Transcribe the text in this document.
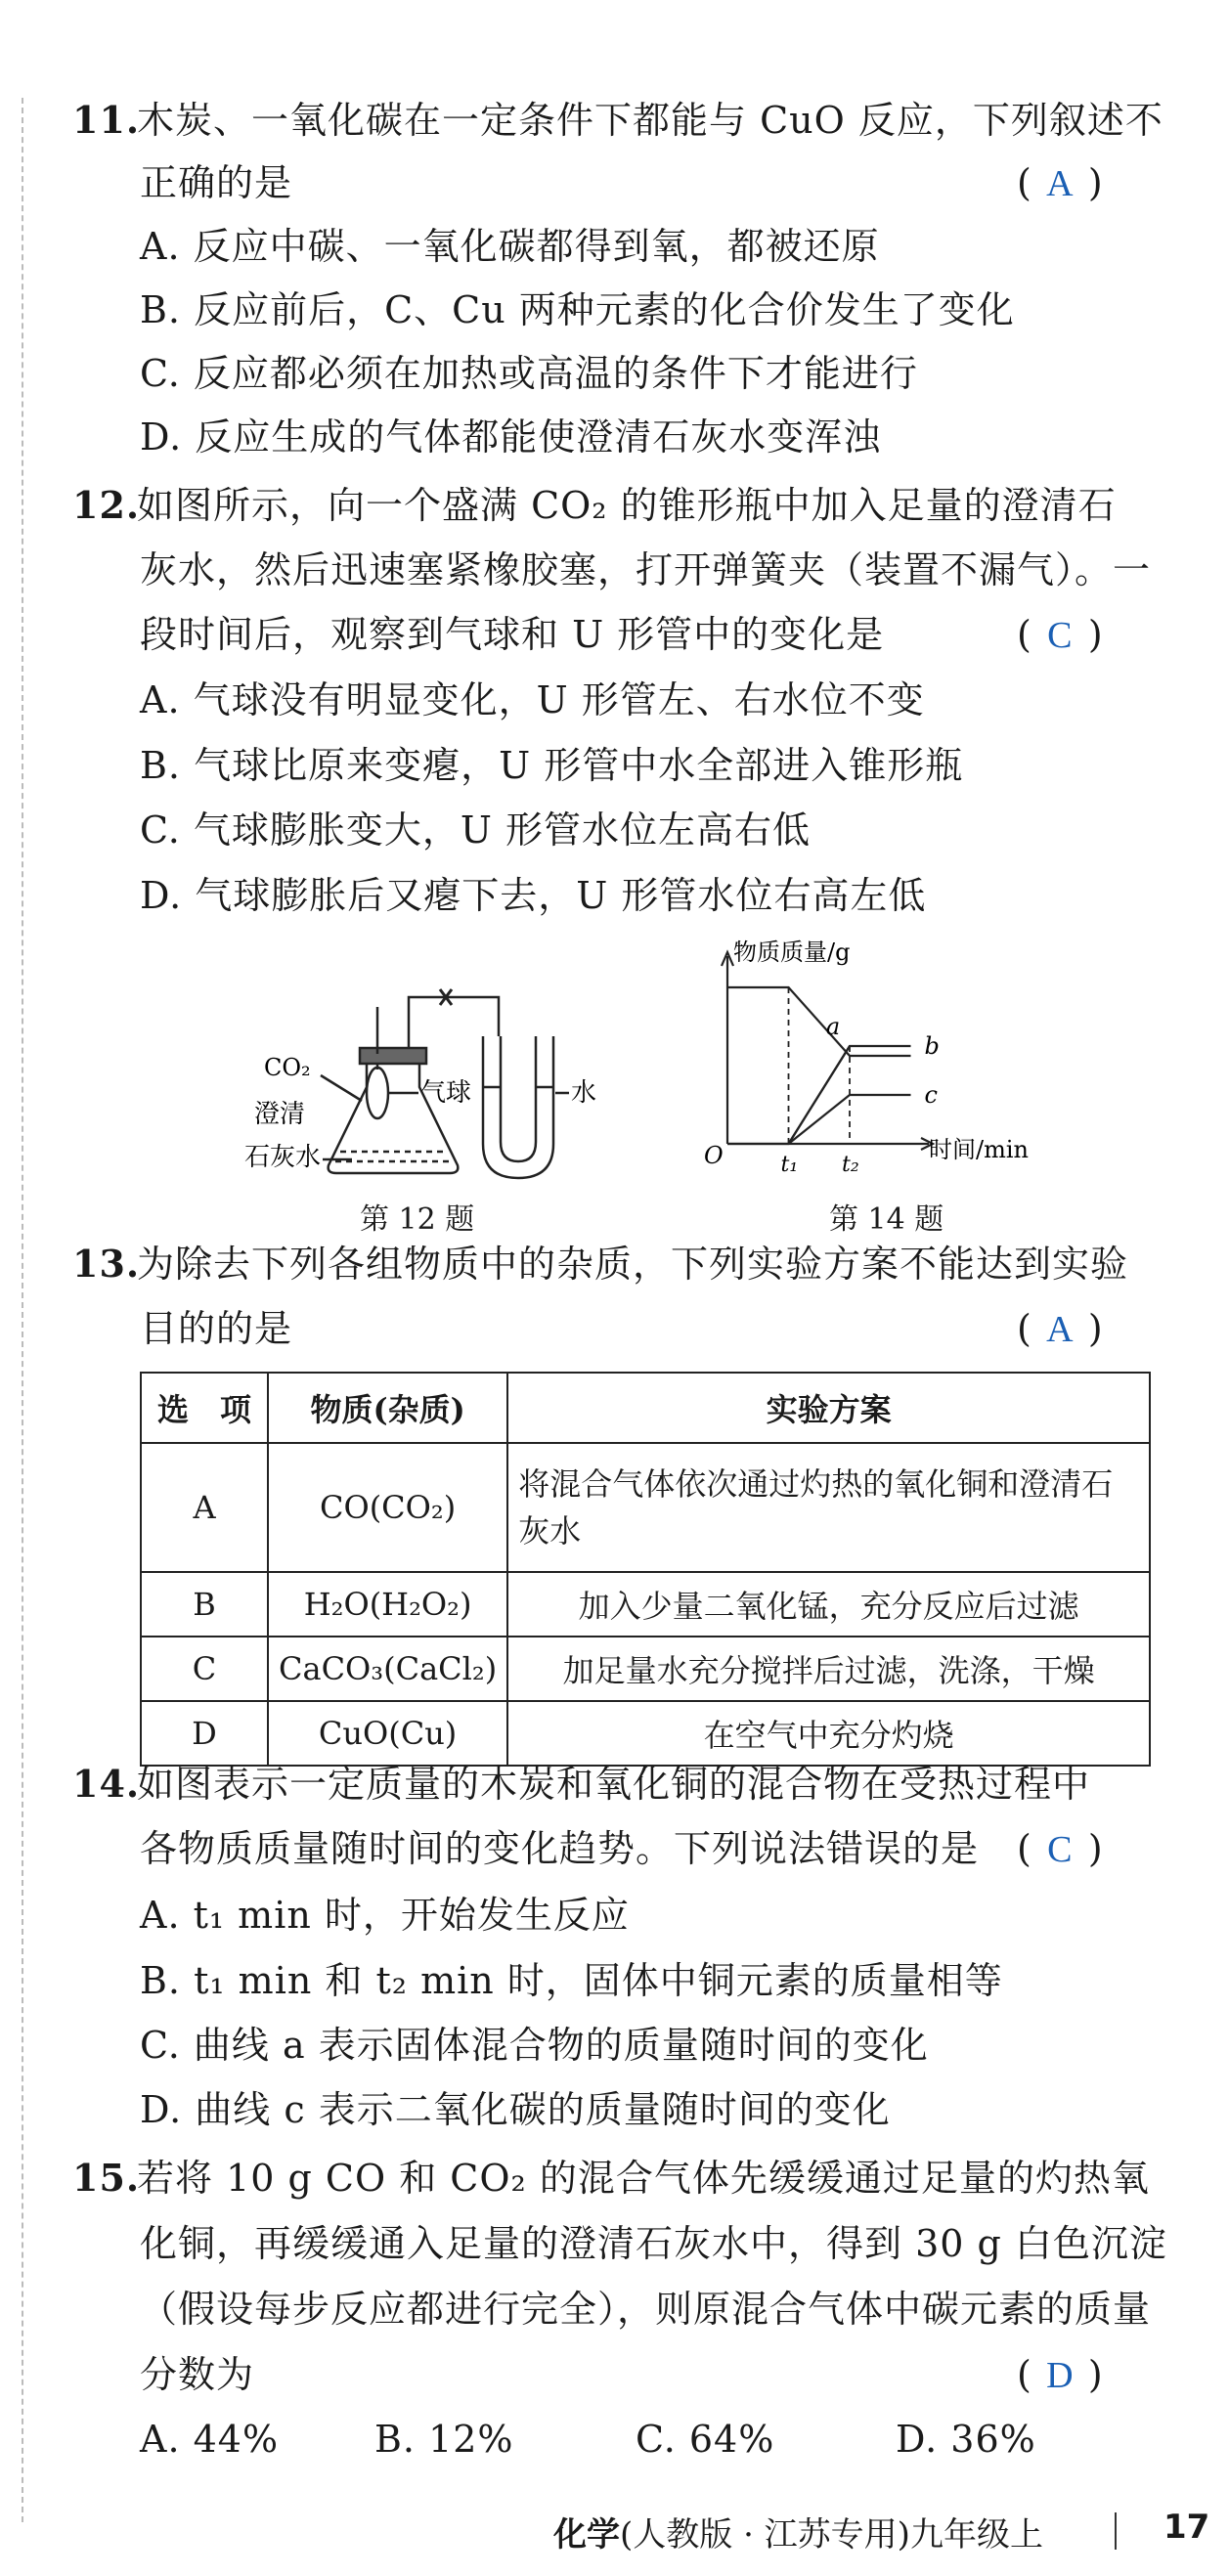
11.木炭、一氧化碳在一定条件下都能与 CuO 反应，下列叙述不
正确的是	( A )
A. 反应中碳、一氧化碳都得到氧，都被还原
B. 反应前后，C、Cu 两种元素的化合价发生了变化
C. 反应都必须在加热或高温的条件下才能进行
D. 反应生成的气体都能使澄清石灰水变浑浊
12.如图所示，向一个盛满 CO₂ 的锥形瓶中加入足量的澄清石
灰水，然后迅速塞紧橡胶塞，打开弹簧夹（装置不漏气）。一
段时间后，观察到气球和 U 形管中的变化是	( C )
A. 气球没有明显变化，U 形管左、右水位不变
B. 气球比原来变瘪，U 形管中水全部进入锥形瓶
C. 气球膨胀变大，U 形管水位左高右低
D. 气球膨胀后又瘪下去，U 形管水位右高左低
CO₂
澄清
石灰水
气球	水
第 12 题
物质质量/g
时间/min
O	t₁ t₂
a
b
c
第 14 题
13.为除去下列各组物质中的杂质，下列实验方案不能达到实验
目的的是	( A )
选　项	物质(杂质)	实验方案
A	CO(CO₂)	将混合气体依次通过灼热的氧化铜和澄清石灰水
B	H₂O(H₂O₂)	加入少量二氧化锰，充分反应后过滤
C	CaCO₃(CaCl₂)	加足量水充分搅拌后过滤，洗涤，干燥
D	CuO(Cu)	在空气中充分灼烧
14.如图表示一定质量的木炭和氧化铜的混合物在受热过程中
各物质质量随时间的变化趋势。下列说法错误的是 ( C )
A. t₁ min 时，开始发生反应
B. t₁ min 和 t₂ min 时，固体中铜元素的质量相等
C. 曲线 a 表示固体混合物的质量随时间的变化
D. 曲线 c 表示二氧化碳的质量随时间的变化
15.若将 10 g CO 和 CO₂ 的混合气体先缓缓通过足量的灼热氧
化铜，再缓缓通入足量的澄清石灰水中，得到 30 g 白色沉淀
（假设每步反应都进行完全），则原混合气体中碳元素的质量
分数为	( D )
A. 44%	B. 12%	C. 64%	D. 36%
化学(人教版 · 江苏专用)九年级上	17
